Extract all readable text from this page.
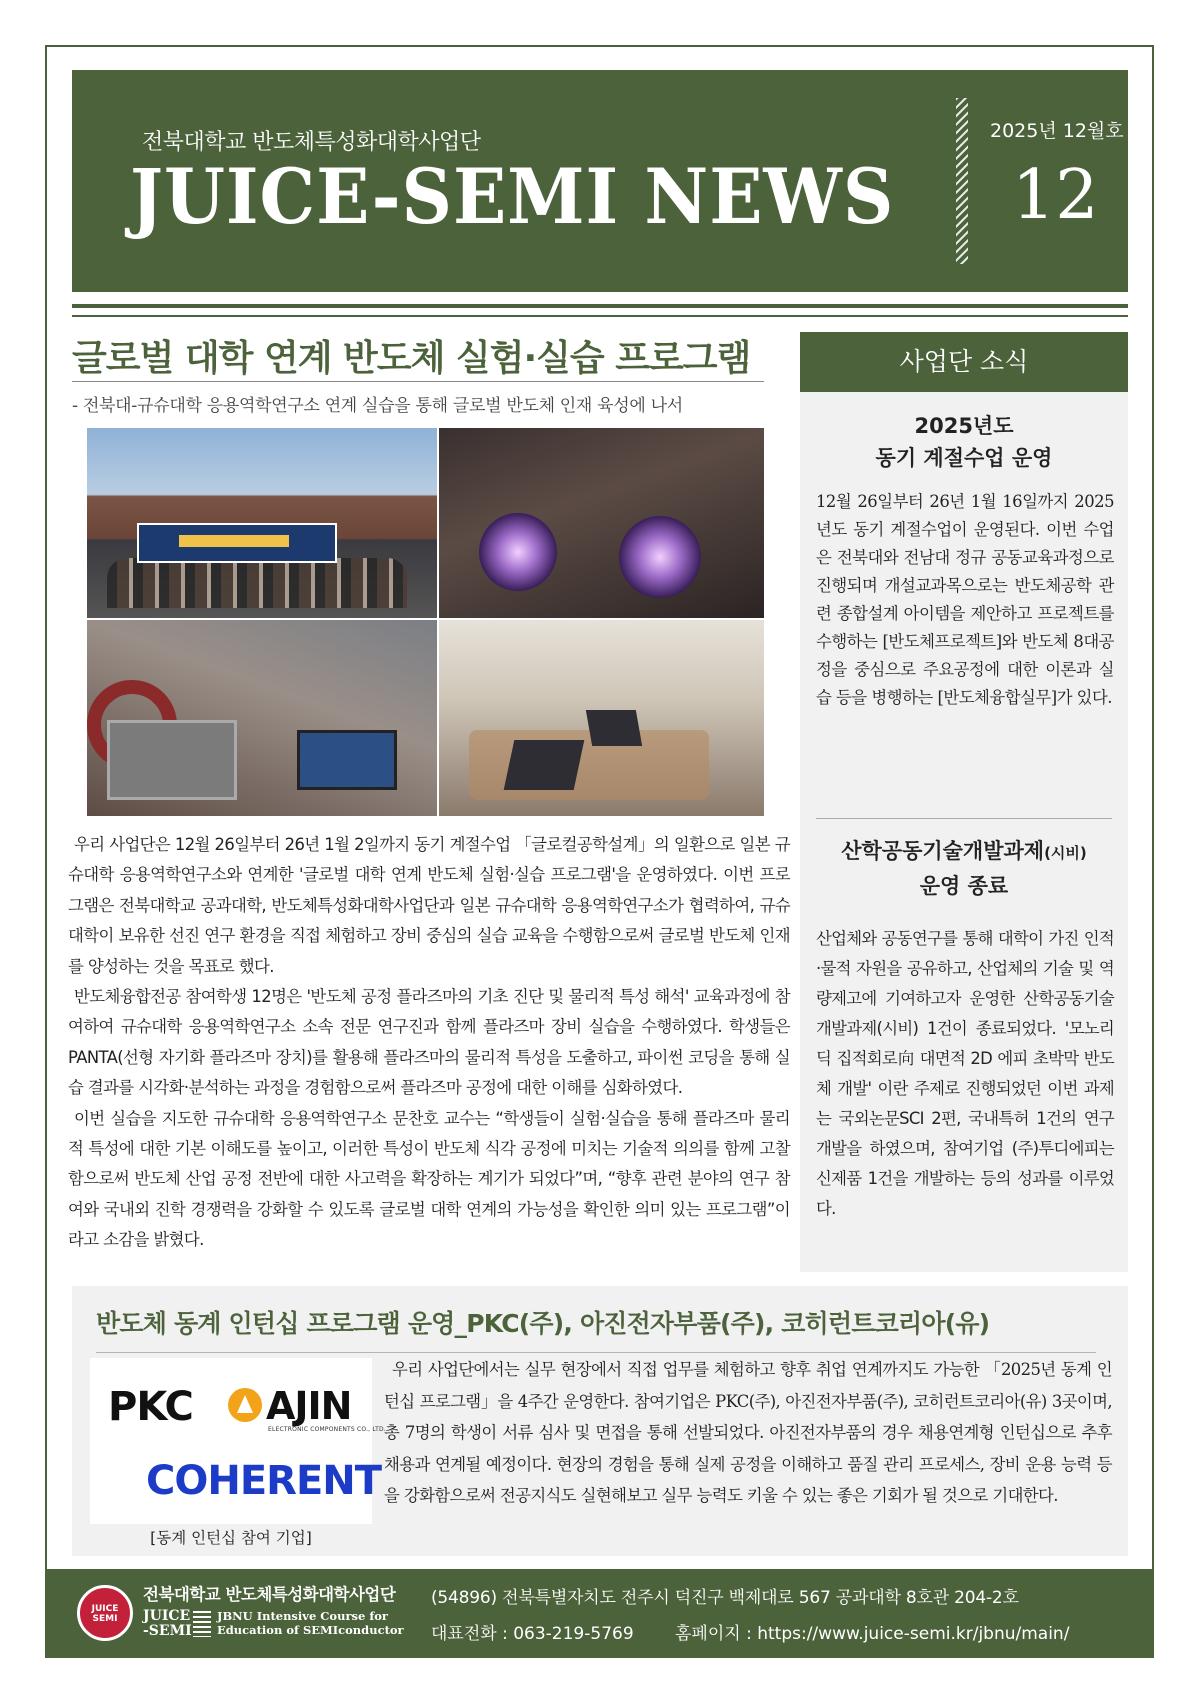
전북대학교 반도체특성화대학사업단
JUICE-SEMI NEWS
2025년 12월호
12
글로벌 대학 연계 반도체 실험·실습 프로그램
- 전북대-규슈대학 응용역학연구소 연계 실습을 통해 글로벌 반도체 인재 육성에 나서

우리 사업단은 12월 26일부터 26년 1월 2일까지 동기 계절수업 「글로컬공학설계」의 일환으로 일본 규슈대학 응용역학연구소와 연계한 '글로벌 대학 연계 반도체 실험·실습 프로그램'을 운영하였다. 이번 프로그램은 전북대학교 공과대학, 반도체특성화대학사업단과 일본 규슈대학 응용역학연구소가 협력하여, 규슈대학이 보유한 선진 연구 환경을 직접 체험하고 장비 중심의 실습 교육을 수행함으로써 글로벌 반도체 인재를 양성하는 것을 목표로 했다.

반도체융합전공 참여학생 12명은 '반도체 공정 플라즈마의 기초 진단 및 물리적 특성 해석' 교육과정에 참여하여 규슈대학 응용역학연구소 소속 전문 연구진과 함께 플라즈마 장비 실습을 수행하였다. 학생들은 PANTA(선형 자기화 플라즈마 장치)를 활용해 플라즈마의 물리적 특성을 도출하고, 파이썬 코딩을 통해 실습 결과를 시각화·분석하는 과정을 경험함으로써 플라즈마 공정에 대한 이해를 심화하였다.

이번 실습을 지도한 규슈대학 응용역학연구소 문찬호 교수는 “학생들이 실험·실습을 통해 플라즈마 물리적 특성에 대한 기본 이해도를 높이고, 이러한 특성이 반도체 식각 공정에 미치는 기술적 의의를 함께 고찰함으로써 반도체 산업 공정 전반에 대한 사고력을 확장하는 계기가 되었다”며, “향후 관련 분야의 연구 참여와 국내외 진학 경쟁력을 강화할 수 있도록 글로벌 대학 연계의 가능성을 확인한 의미 있는 프로그램”이라고 소감을 밝혔다.

사업단 소식
2025년도
동기 계절수업 운영

12월 26일부터 26년 1월 16일까지 2025년도 동기 계절수업이 운영된다. 이번 수업은 전북대와 전남대 정규 공동교육과정으로 진행되며 개설교과목으로는 반도체공학 관련 종합설계 아이템을 제안하고 프로젝트를 수행하는 [반도체프로젝트]와 반도체 8대공정을 중심으로 주요공정에 대한 이론과 실습 등을 병행하는 [반도체융합실무]가 있다.

산학공동기술개발과제(시비)
운영 종료

산업체와 공동연구를 통해 대학이 가진 인적·물적 자원을 공유하고, 산업체의 기술 및 역량제고에 기여하고자 운영한 산학공동기술개발과제(시비) 1건이 종료되었다. '모노리딕 집적회로向 대면적 2D 에피 초박막 반도체 개발' 이란 주제로 진행되었던 이번 과제는 국외논문SCI 2편, 국내특허 1건의 연구개발을 하였으며, 참여기업 (주)투디에피는 신제품 1건을 개발하는 등의 성과를 이루었다.

반도체 동계 인턴십 프로그램 운영_PKC(주), 아진전자부품(주), 코히런트코리아(유)
PKC AJIN
ELECTRONIC COMPONENTS CO., LTD.
COHERENT
[동계 인턴십 참여 기업]

우리 사업단에서는 실무 현장에서 직접 업무를 체험하고 향후 취업 연계까지도 가능한 「2025년 동계 인턴십 프로그램」을 4주간 운영한다. 참여기업은 PKC(주), 아진전자부품(주), 코히런트코리아(유) 3곳이며, 총 7명의 학생이 서류 심사 및 면접을 통해 선발되었다. 아진전자부품의 경우 채용연계형 인턴십으로 추후 채용과 연계될 예정이다. 현장의 경험을 통해 실제 공정을 이해하고 품질 관리 프로세스, 장비 운용 능력 등을 강화함으로써 전공지식도 실현해보고 실무 능력도 키울 수 있는 좋은 기회가 될 것으로 기대한다.

JUICE SEMI
전북대학교 반도체특성화대학사업단
JUICE
-SEMI
JBNU Intensive Course for
Education of SEMIconductor
(54896) 전북특별자치도 전주시 덕진구 백제대로 567 공과대학 8호관 204-2호
대표전화 : 063-219-5769 홈페이지 : https://www.juice-semi.kr/jbnu/main/
